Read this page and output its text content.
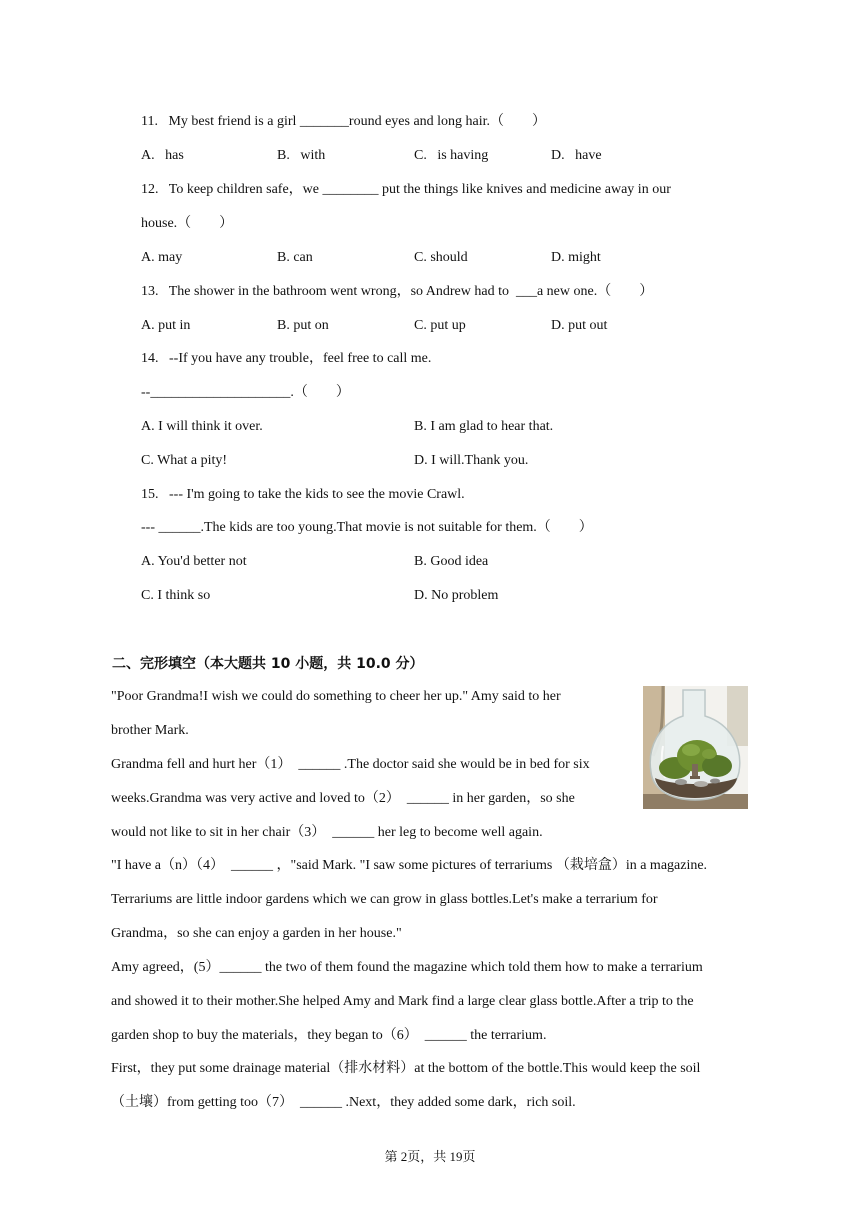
11.   My best friend is a girl _______round eyes and long hair.（　　）
A.   has	B.   with	C.   is having	D.   have
12.   To keep children safe，we ________ put the things like knives and medicine away in our
house.（　　）
A. may	B. can	C. should	D. might
13.   The shower in the bathroom went wrong，so Andrew had to  ___a new one.（　　）
A. put in	B. put on	C. put up	D. put out
14.   --If you have any trouble，feel free to call me.
--____________________.（　　）
A. I will think it over.	B. I am glad to hear that.
C. What a pity!	D. I will.Thank you.
15.   --- I'm going to take the kids to see the movie Crawl.
--- ______.The kids are too young.That movie is not suitable for them.（　　）
A. You'd better not	B. Good idea
C. I think so	D. No problem
二、完形填空（本大题共 10 小题，共 10.0 分）
"Poor Grandma!I wish we could do something to cheer her up." Amy said to her
brother Mark.
Grandma fell and hurt her（1）  ______ .The doctor said she would be in bed for six
weeks.Grandma was very active and loved to（2）  ______ in her garden，so she
would not like to sit in her chair（3）  ______ her leg to become well again.
"I have a（n）（4）  ______ ，"said Mark. "I saw some pictures of terrariums （栽培盒）in a magazine.
Terrariums are little indoor gardens which we can grow in glass bottles.Let's make a terrarium for
Grandma，so she can enjoy a garden in her house."
Amy agreed，(5）______ the two of them found the magazine which told them how to make a terrarium
and showed it to their mother.She helped Amy and Mark find a large clear glass bottle.After a trip to the
garden shop to buy the materials，they began to（6）  ______ the terrarium.
First，they put some drainage material（排水材料）at the bottom of the bottle.This would keep the soil
（土壤）from getting too（7）  ______ .Next，they added some dark，rich soil.
第 2页，共 19页
